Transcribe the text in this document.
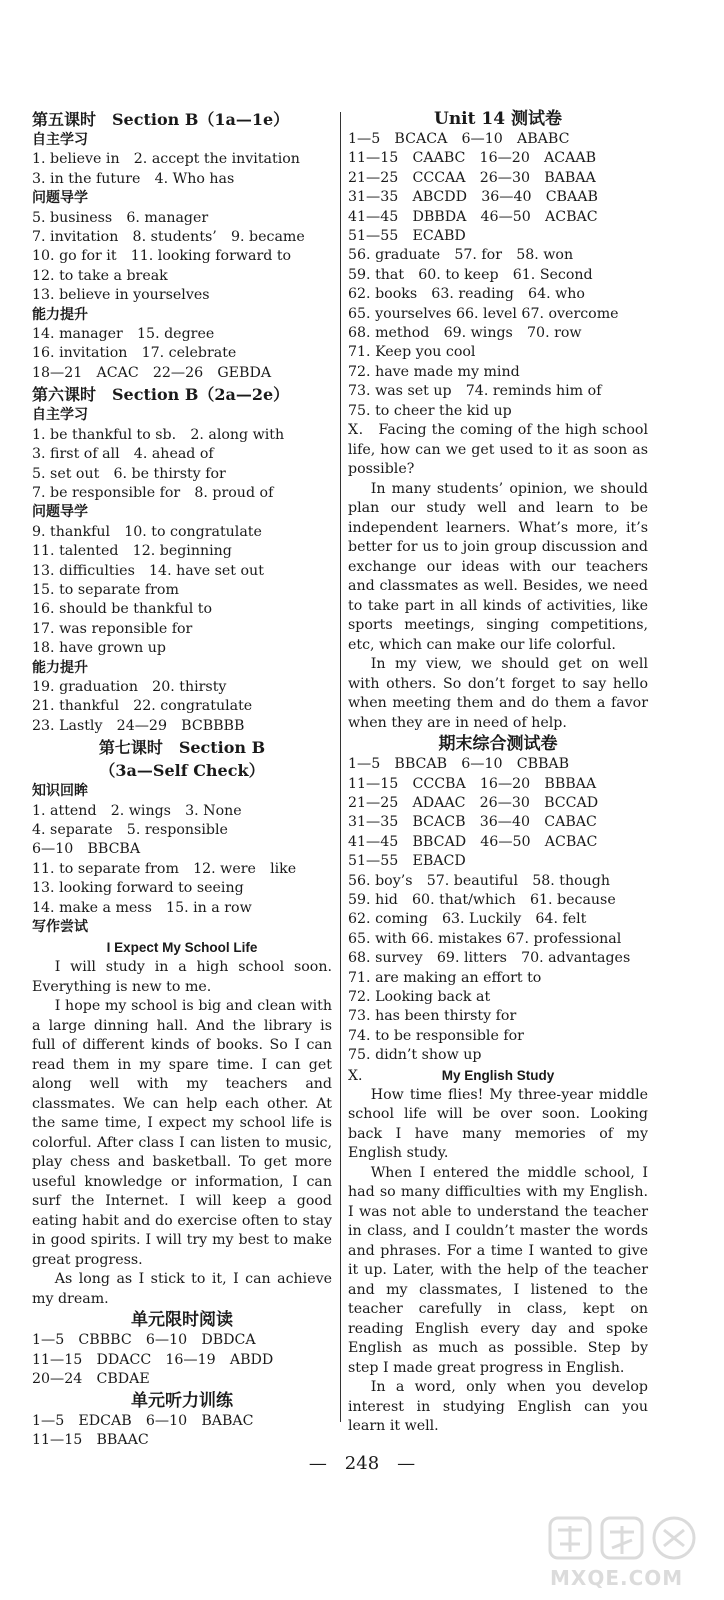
第五课时　Section B（1a—1e）
自主学习
1. believe in　2. accept the invitation
3. in the future　4. Who has
问题导学
5. business　6. manager
7. invitation　8. students’　9. became
10. go for it　11. looking forward to
12. to take a break
13. believe in yourselves
能力提升
14. manager　15. degree
16. invitation　17. celebrate
18—21　ACAC　22—26　GEBDA
第六课时　Section B（2a—2e）
自主学习
1. be thankful to sb.　2. along with
3. first of all　4. ahead of
5. set out　6. be thirsty for
7. be responsible for　8. proud of
问题导学
9. thankful　10. to congratulate
11. talented　12. beginning
13. difficulties　14. have set out
15. to separate from
16. should be thankful to
17. was reponsible for
18. have grown up
能力提升
19. graduation　20. thirsty
21. thankful　22. congratulate
23. Lastly　24—29　BCBBBB
第七课时　Section B
（3a—Self Check）
知识回眸
1. attend　2. wings　3. None
4. separate　5. responsible
6—10　BBCBA
11. to separate from　12. were　like
13. looking forward to seeing
14. make a mess　15. in a row
写作尝试
I Expect My School Life
I will study in a high school soon. Everything is new to me.
I hope my school is big and clean with a large dinning hall. And the library is full of different kinds of books. So I can read them in my spare time. I can get along well with my teachers and classmates. We can help each other. At the same time, I expect my school life is colorful. After class I can listen to music, play chess and basketball. To get more useful knowledge or information, I can surf the Internet. I will keep a good eating habit and do exercise often to stay in good spirits. I will try my best to make great progress.
As long as I stick to it, I can achieve my dream.
单元限时阅读
1—5　CBBBC　6—10　DBDCA
11—15　DDACC　16—19　ABDD
20—24　CBDAE
单元听力训练
1—5　EDCAB　6—10　BABAC
11—15　BBAAC
Unit 14 测试卷
1—5　BCACA　6—10　ABABC
11—15　CAABC　16—20　ACAAB
21—25　CCCAA　26—30　BABAA
31—35　ABCDD　36—40　CBAAB
41—45　DBBDA　46—50　ACBAC
51—55　ECABD
56. graduate　57. for　58. won
59. that　60. to keep　61. Second
62. books　63. reading　64. who
65. yourselves 66. level 67. overcome
68. method　69. wings　70. row
71. Keep you cool
72. have made my mind
73. was set up　74. reminds him of
75. to cheer the kid up
Ⅹ.　Facing the coming of the high school life, how can we get used to it as soon as possible?
In many students’ opinion, we should plan our study well and learn to be independent learners. What’s more, it’s better for us to join group discussion and exchange our ideas with our teachers and classmates as well. Besides, we need to take part in all kinds of activities, like sports meetings, singing competitions, etc, which can make our life colorful.
In my view, we should get on well with others. So don’t forget to say hello when meeting them and do them a favor when they are in need of help.
期末综合测试卷
1—5　BBCAB　6—10　CBBAB
11—15　CCCBA　16—20　BBBAA
21—25　ADAAC　26—30　BCCAD
31—35　BCACB　36—40　CABAC
41—45　BBCAD　46—50　ACBAC
51—55　EBACD
56. boy’s　57. beautiful　58. though
59. hid　60. that/which　61. because
62. coming　63. Luckily　64. felt
65. with 66. mistakes 67. professional
68. survey　69. litters　70. advantages
71. are making an effort to
72. Looking back at
73. has been thirsty for
74. to be responsible for
75. didn’t show up
Ⅹ.	My English Study
How time flies! My three-year middle school life will be over soon. Looking back I have many memories of my English study.
When I entered the middle school, I had so many difficulties with my English. I was not able to understand the teacher in class, and I couldn’t master the words and phrases. For a time I wanted to give it up. Later, with the help of the teacher and my classmates, I listened to the teacher carefully in class, kept on reading English every day and spoke English as much as possible. Step by step I made great progress in English.
In a word, only when you develop interest in studying English can you learn it well.
—　248　—
MXQE.COM
